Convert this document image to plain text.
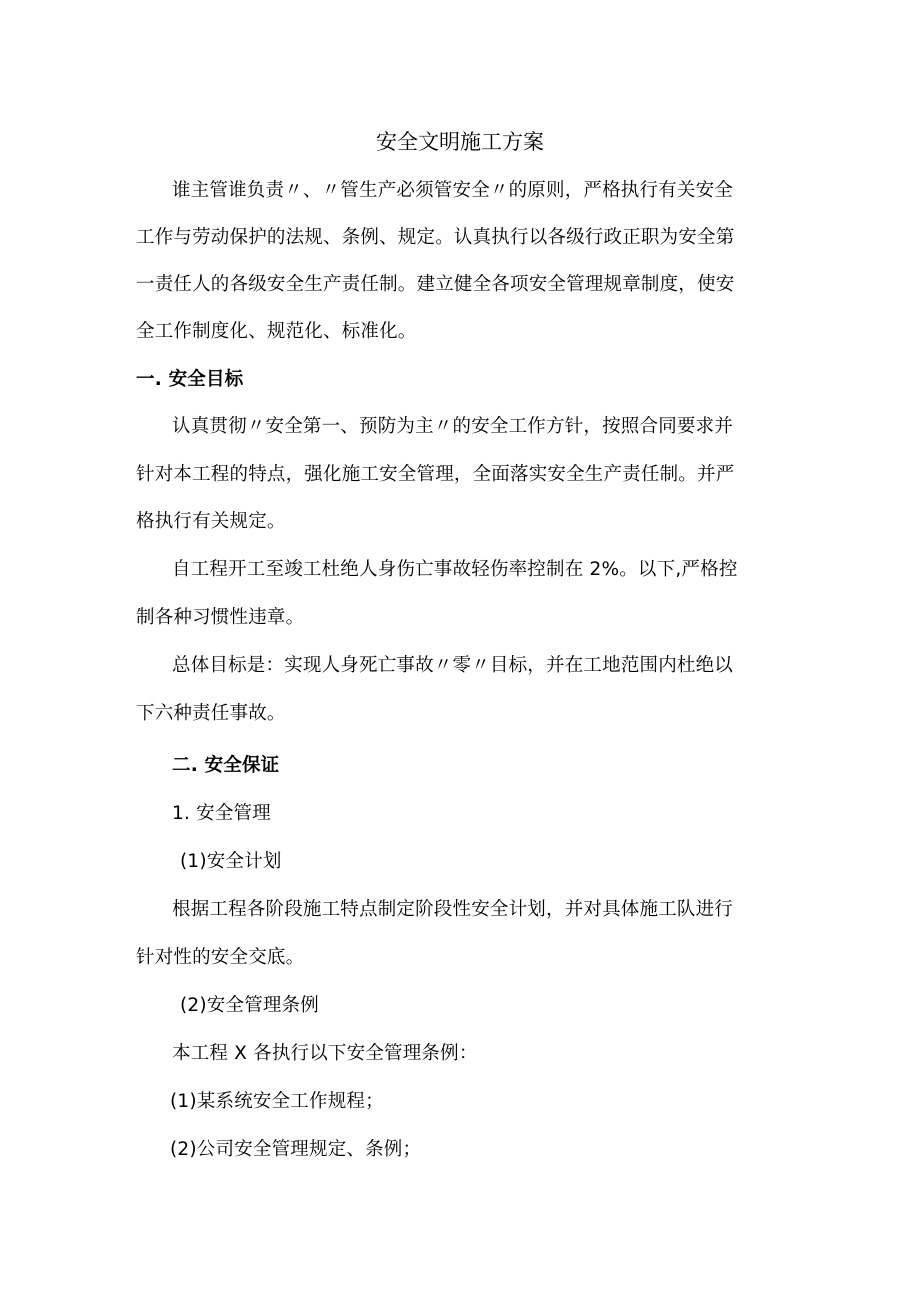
安全文明施工方案
谁主管谁负责〃、〃管生产必须管安全〃的原则，严格执行有关安全
工作与劳动保护的法规、条例、规定。认真执行以各级行政正职为安全第
一责任人的各级安全生产责任制。建立健全各项安全管理规章制度，使安
全工作制度化、规范化、标准化。
一. 安全目标
认真贯彻〃安全第一、预防为主〃的安全工作方针，按照合同要求并
针对本工程的特点，强化施工安全管理，全面落实安全生产责任制。并严
格执行有关规定。
自工程开工至竣工杜绝人身伤亡事故轻伤率控制在 2%。以下,严格控
制各种习惯性违章。
总体目标是：实现人身死亡事故〃零〃目标，并在工地范围内杜绝以
下六种责任事故。
二. 安全保证
1. 安全管理
(1)安全计划
根据工程各阶段施工特点制定阶段性安全计划，并对具体施工队进行
针对性的安全交底。
(2)安全管理条例
本工程 X 各执行以下安全管理条例：
(1)某系统安全工作规程；
(2)公司安全管理规定、条例；
